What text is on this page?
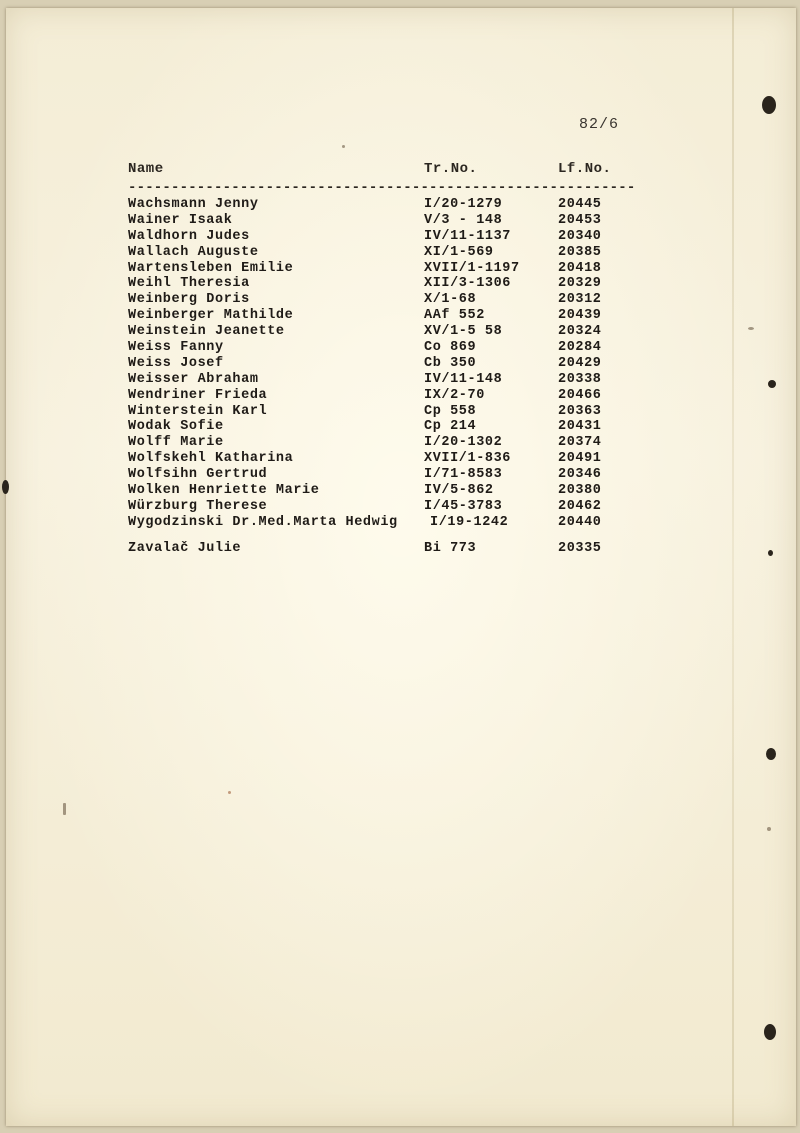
82/6
Name	Tr.No.	Lf.No.
-----------------------------------------------------------
Wachsmann Jenny	I/20-1279	20445
Wainer Isaak	V/3 - 148	20453
Waldhorn Judes	IV/11-1137	20340
Wallach Auguste	XI/1-569	20385
Wartensleben Emilie	XVII/1-1197	20418
Weihl Theresia	XII/3-1306	20329
Weinberg Doris	X/1-68	20312
Weinberger Mathilde	AAf 552	20439
Weinstein Jeanette	XV/1-5 58	20324
Weiss Fanny	Co 869	20284
Weiss Josef	Cb 350	20429
Weisser Abraham	IV/11-148	20338
Wendriner Frieda	IX/2-70	20466
Winterstein Karl	Cp 558	20363
Wodak Sofie	Cp 214	20431
Wolff Marie	I/20-1302	20374
Wolfskehl Katharina	XVII/1-836	20491
Wolfsihn Gertrud	I/71-8583	20346
Wolken Henriette Marie	IV/5-862	20380
Würzburg Therese	I/45-3783	20462
Wygodzinski Dr.Med.Marta Hedwig I/19-1242	20440
Zavalač Julie	Bi 773	20335
